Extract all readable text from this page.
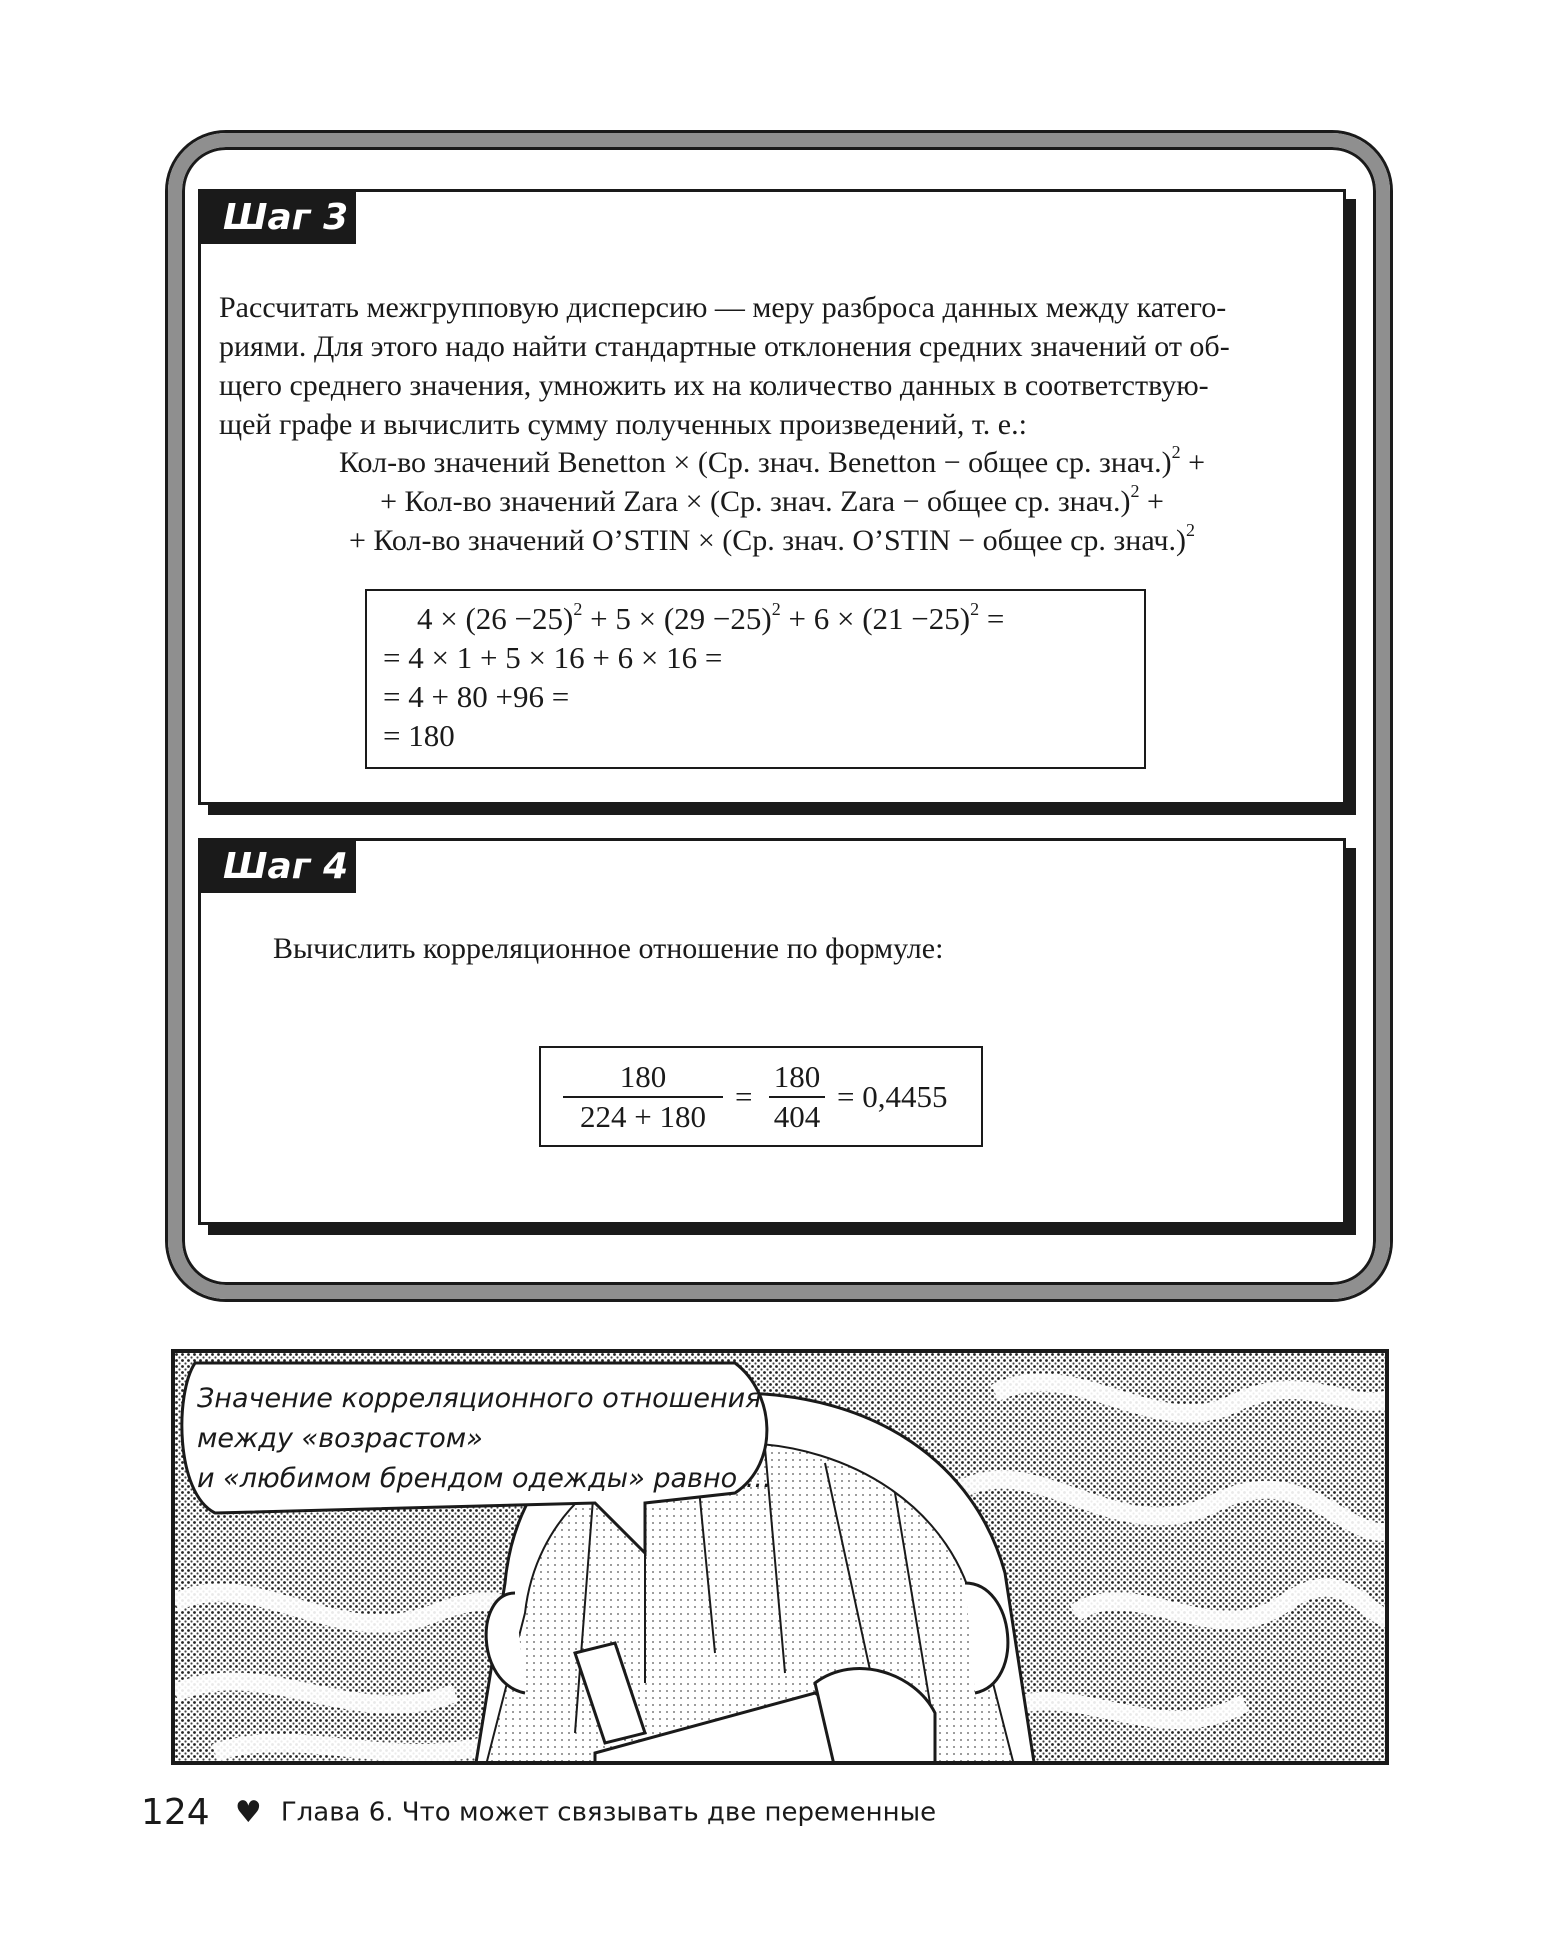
Шаг 3

Рассчитать межгрупповую дисперсию — меру разброса данных между катего-
риями. Для этого надо найти стандартные отклонения средних значений от об-
щего среднего значения, умножить их на количество данных в соответствую-
щей графе и вычислить сумму полученных произведений, т. е.:

Кол-во значений Benetton × (Ср. знач. Benetton − общее ср. знач.)$^2$ +
+ Кол-во значений Zara × (Ср. знач. Zara − общее ср. знач.)$^2$ +
+ Кол-во значений O’STIN × (Ср. знач. O’STIN − общее ср. знач.)$^2$
$4 \times (26 -25)^2 + 5 \times (29 -25)^2 + 6 \times (21 -25)^2$ =
= 4 × 1 + 5 × 16 + 6 × 16 =
= 4 + 80 +96 =
= 180
Шаг 4

Вычислить корреляционное отношение по формуле:

$\frac{180}{224 + 180} = \frac{180}{404} = 0,4455$
Значение корреляционного отношения
между «возрастом»
и «любимом брендом одежды» равно ...
124 ♥ Глава 6. Что может связывать две переменные
